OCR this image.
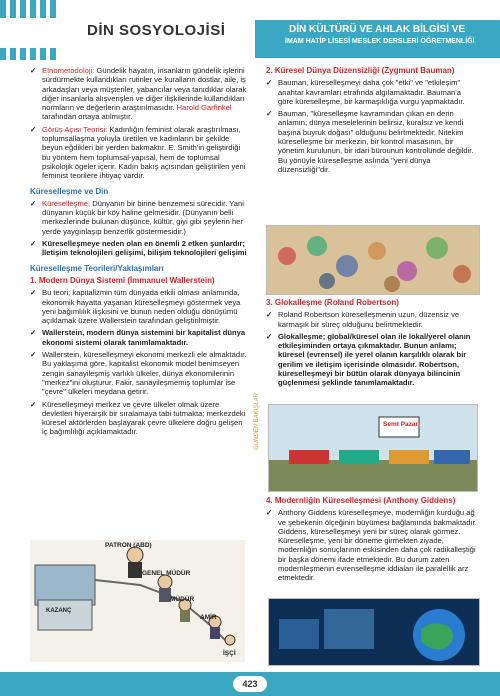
DİN SOSYOLOJİSİ	DİN KÜLTÜRÜ VE AHLAK BİLGİSİ VE
İMAM HATİP LİSESİ MESLEK DERSLERİ ÖĞRETMENLİĞİ
✓ Etnometodoloji: Gündelik hayatın, insanların gündelik işlerini sürdürmekte kullandıkları rutinler ve kuralların dostlar, aile, iş arkadaşları veya müşteriler, yabancılar veya tanıdıklar olarak diğer insanlarla alışverişleri ve diğer ilişkilerinde kullandıkları normların ve değerlerin araştırılmasıdır. Harold Garfinkel tarafından ortaya atılmıştır.
✓ Görüş Açısı Teorisi: Kadınlığın feminist olarak araştırılması, toplumsallaşma yoluyla üretilen ve kadınların bir şekilde beyun eğdikleri bir yerden bakmaktır. E. Smith'in geliştirdiği bu yöntem hem toplumsal-yapısal, hem de toplumsal psikolojik ögeler içerir. Kadın bakış açısından geliştirilen yeni feminist teorilere ihtiyaç vardır.
Küreselleşme ve Din
✓ Küreselleşme; Dünyanın bir birine benzemesi sürecidir. Yani dünyanın küçük bir köy haline gelmesidir. (Dünyanın belli merkezlerinde bulunan düşünce, kültür, giyi gibi şeylerin her yerde yaygınlaşıp benzerlik göstermesidir.)
✓ Küreselleşmeye neden olan en önemli 2 etken şunlardır; İletişim teknolojileri gelişimi, bilişim teknolojileri gelişimi
Küreselleşme Teorileri/Yaklaşımları
1. Modern Dünya Sistemi (İmmanuel Wallerstein)
✓ Bu teori; kapitalizmin tüm dünyada etkili olması anlamında, ekonomik hayatta yaşanan küreselleşmeyi göstermek veya yeni bağımlılık ilişkisini ve bunun neden olduğu dönüşümü açıklamak üzere Wallerstein tarafından geliştirilmiştir.
✓ Wallerstein, modern dünya sistemini bir kapitalist dünya ekonomi sistemi olarak tanımlamaktadır.
✓ Wallerstein, küreselleşmeyi ekonomi merkezli ele almaktadır. Bu yaklaşıma göre, kapitalist ekonomik model benimseyen zengin sanayileşmiş varlıklı ülkeler, dünya ekonomilerinin "merkez"ini oluşturur. Fakir, sanayileşmemiş toplumlar ise "çevre" ülkeleri meydana getirir.
✓ Küreselleşmeyi merkez ve çevre ülkeler olmak üzere devletleri hiyerarşik bir sıralamaya tabi tutmakta; merkezdeki küresel aktörlerden başlayarak çevre ülkelere doğru gelişen iç bağımlılığı açıklamaktadır.
PATRON (ABD)
GENEL MÜDÜR
MÜDÜR
AMİR
İŞÇİ
KAZANÇ
GÜNDEN BAKIŞLAR
2. Küresel Dünya Düzensizliği (Zygmunt Bauman)
✓ Bauman, küreselleşmeyi daha çok "etki" ve "etkileşim" anahtar kavramları etrafında algılamaktadır. Bauman'a göre küreselleşme, bir karmaşıklığa vurgu yapmaktadır.
✓ Bauman, "küreselleşme kavramından çıkan en derin anlamın; dünya meselelerinin belirsiz, kuralsız ve kendi başına buyruk doğası" olduğunu belirtmektedir. Nitekim küreselleşme bir merkezin, bir kontrol masasının, bir yönetim kurulunun, bir idari bürounun kontrolünde değildir. Bu yönüyle küreselleşme aslında "yeni dünya düzensizliği"dir.
3. Glokalleşme (Roland Robertson)
✓ Roland Robertson küreselleşmenin uzun, düzensiz ve karmaşık bir süreç olduğunu belirtmektedir.
✓ Glokalleşme; global/küresel olan ile lokal/yerel olanın etkileşiminden ortaya çıkmaktadır. Bunun anlamı; küresel (evrensel) ile yerel olanın karşılıklı olarak bir gerilim ve iletişim içerisinde olmasıdır. Robertson, küreselleşmeyi bir bütün olarak dünyaya bilincinin güçlenmesi şeklinde tanımlamaktadır.
Semt Pazarı
4. Modernliğin Küreselleşmesi (Anthony Giddens)
✓ Anthony Giddens küreselleşmeye, modernliğin kurduğu ağ ve şebekenin ölçeğinin büyümesi bağlamında bakmaktadır. Giddens, küreselleşmeyi yeni bir süreç olarak görmez. Küreselleşme, yeni bir döneme girmekten ziyade, modernliğin sonuçlarının eskisinden daha çok radikalleştiği bir başka dönemi ifade etmektedir. Bu durum zaten modernleşmenin evrenselleşme iddiaları ile paralellik arz etmektedir.
423
